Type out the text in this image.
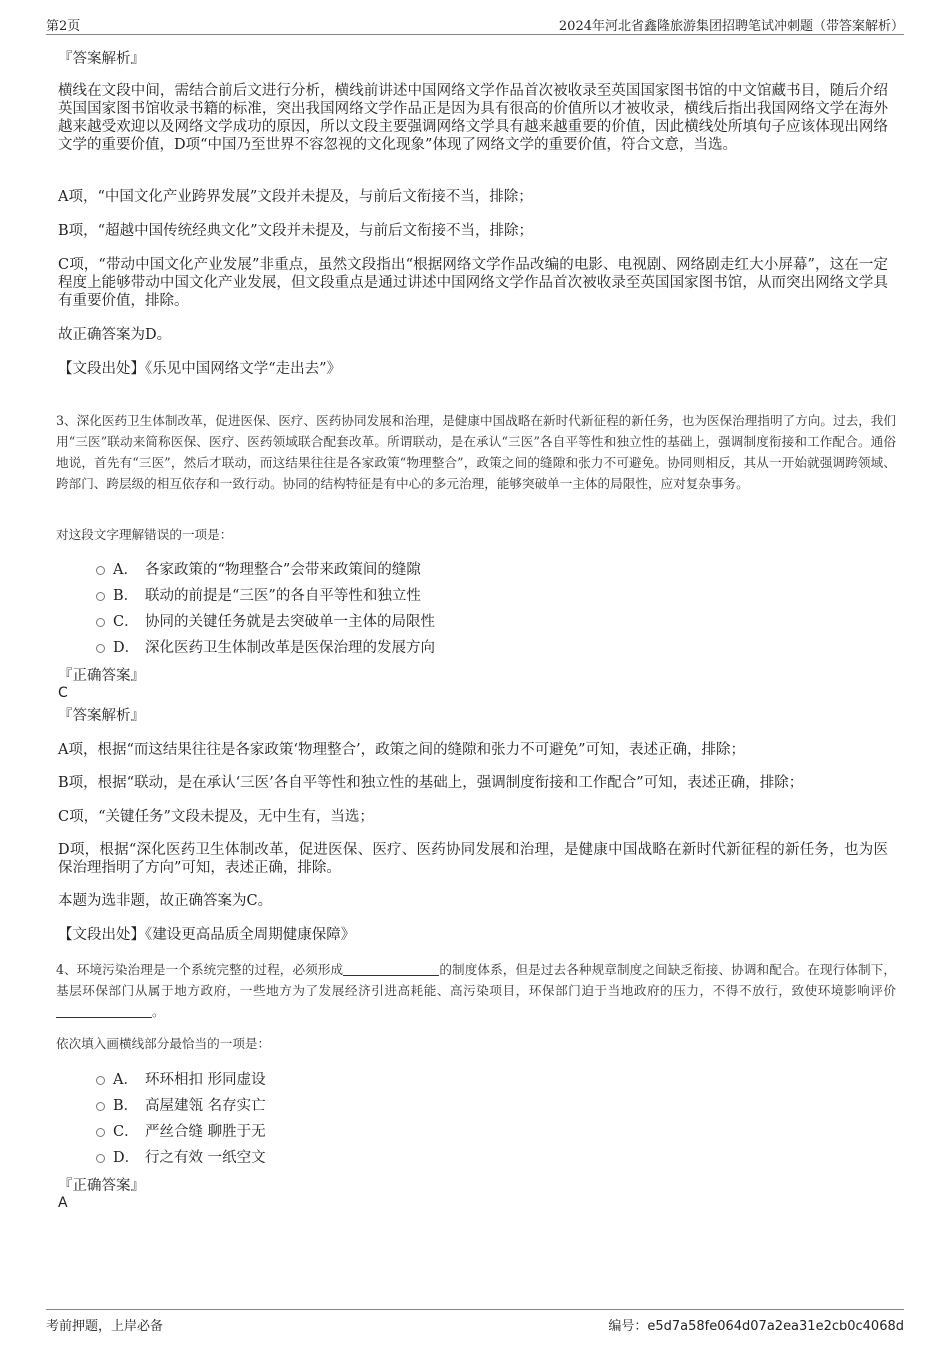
第2页	2024年河北省鑫隆旅游集团招聘笔试冲刺题（带答案解析）
『答案解析』
横线在文段中间，需结合前后文进行分析，横线前讲述中国网络文学作品首次被收录至英国国家图书馆的中文馆藏书目，随后介绍英国国家图书馆收录书籍的标准，突出我国网络文学作品正是因为具有很高的价值所以才被收录，横线后指出我国网络文学在海外越来越受欢迎以及网络文学成功的原因，所以文段主要强调网络文学具有越来越重要的价值，因此横线处所填句子应该体现出网络文学的重要价值，D项“中国乃至世界不容忽视的文化现象”体现了网络文学的重要价值，符合文意，当选。
A项，“中国文化产业跨界发展”文段并未提及，与前后文衔接不当，排除；
B项，“超越中国传统经典文化”文段并未提及，与前后文衔接不当，排除；
C项，“带动中国文化产业发展”非重点，虽然文段指出“根据网络文学作品改编的电影、电视剧、网络剧走红大小屏幕”，这在一定程度上能够带动中国文化产业发展，但文段重点是通过讲述中国网络文学作品首次被收录至英国国家图书馆，从而突出网络文学具有重要价值，排除。
故正确答案为D。
【文段出处】《乐见中国网络文学“走出去”》
3、深化医药卫生体制改革，促进医保、医疗、医药协同发展和治理，是健康中国战略在新时代新征程的新任务，也为医保治理指明了方向。过去，我们用“三医”联动来简称医保、医疗、医药领域联合配套改革。所谓联动，是在承认“三医”各自平等性和独立性的基础上，强调制度衔接和工作配合。通俗地说，首先有“三医”，然后才联动，而这结果往往是各家政策“物理整合”，政策之间的缝隙和张力不可避免。协同则相反，其从一开始就强调跨领域、跨部门、跨层级的相互依存和一致行动。协同的结构特征是有中心的多元治理，能够突破单一主体的局限性，应对复杂事务。
对这段文字理解错误的一项是：
A． 各家政策的“物理整合”会带来政策间的缝隙
B． 联动的前提是“三医”的各自平等性和独立性
C． 协同的关键任务就是去突破单一主体的局限性
D． 深化医药卫生体制改革是医保治理的发展方向
『正确答案』
C
『答案解析』
A项，根据“而这结果往往是各家政策‘物理整合’，政策之间的缝隙和张力不可避免”可知，表述正确，排除；
B项，根据“联动，是在承认‘三医’各自平等性和独立性的基础上，强调制度衔接和工作配合”可知，表述正确，排除；
C项，“关键任务”文段未提及，无中生有，当选；
D项，根据“深化医药卫生体制改革，促进医保、医疗、医药协同发展和治理，是健康中国战略在新时代新征程的新任务，也为医保治理指明了方向”可知，表述正确，排除。
本题为选非题，故正确答案为C。
【文段出处】《建设更高品质全周期健康保障》
4、环境污染治理是一个系统完整的过程，必须形成	的制度体系，但是过去各种规章制度之间缺乏衔接、协调和配合。在现行体制下，基层环保部门从属于地方政府，一些地方为了发展经济引进高耗能、高污染项目，环保部门迫于当地政府的压力，不得不放行，致使环境影响评价。
依次填入画横线部分最恰当的一项是：
A． 环环相扣 形同虚设
B． 高屋建瓴 名存实亡
C． 严丝合缝 聊胜于无
D． 行之有效 一纸空文
『正确答案』
A
考前押题，上岸必备	编号：e5d7a58fe064d07a2ea31e2cb0c4068d
